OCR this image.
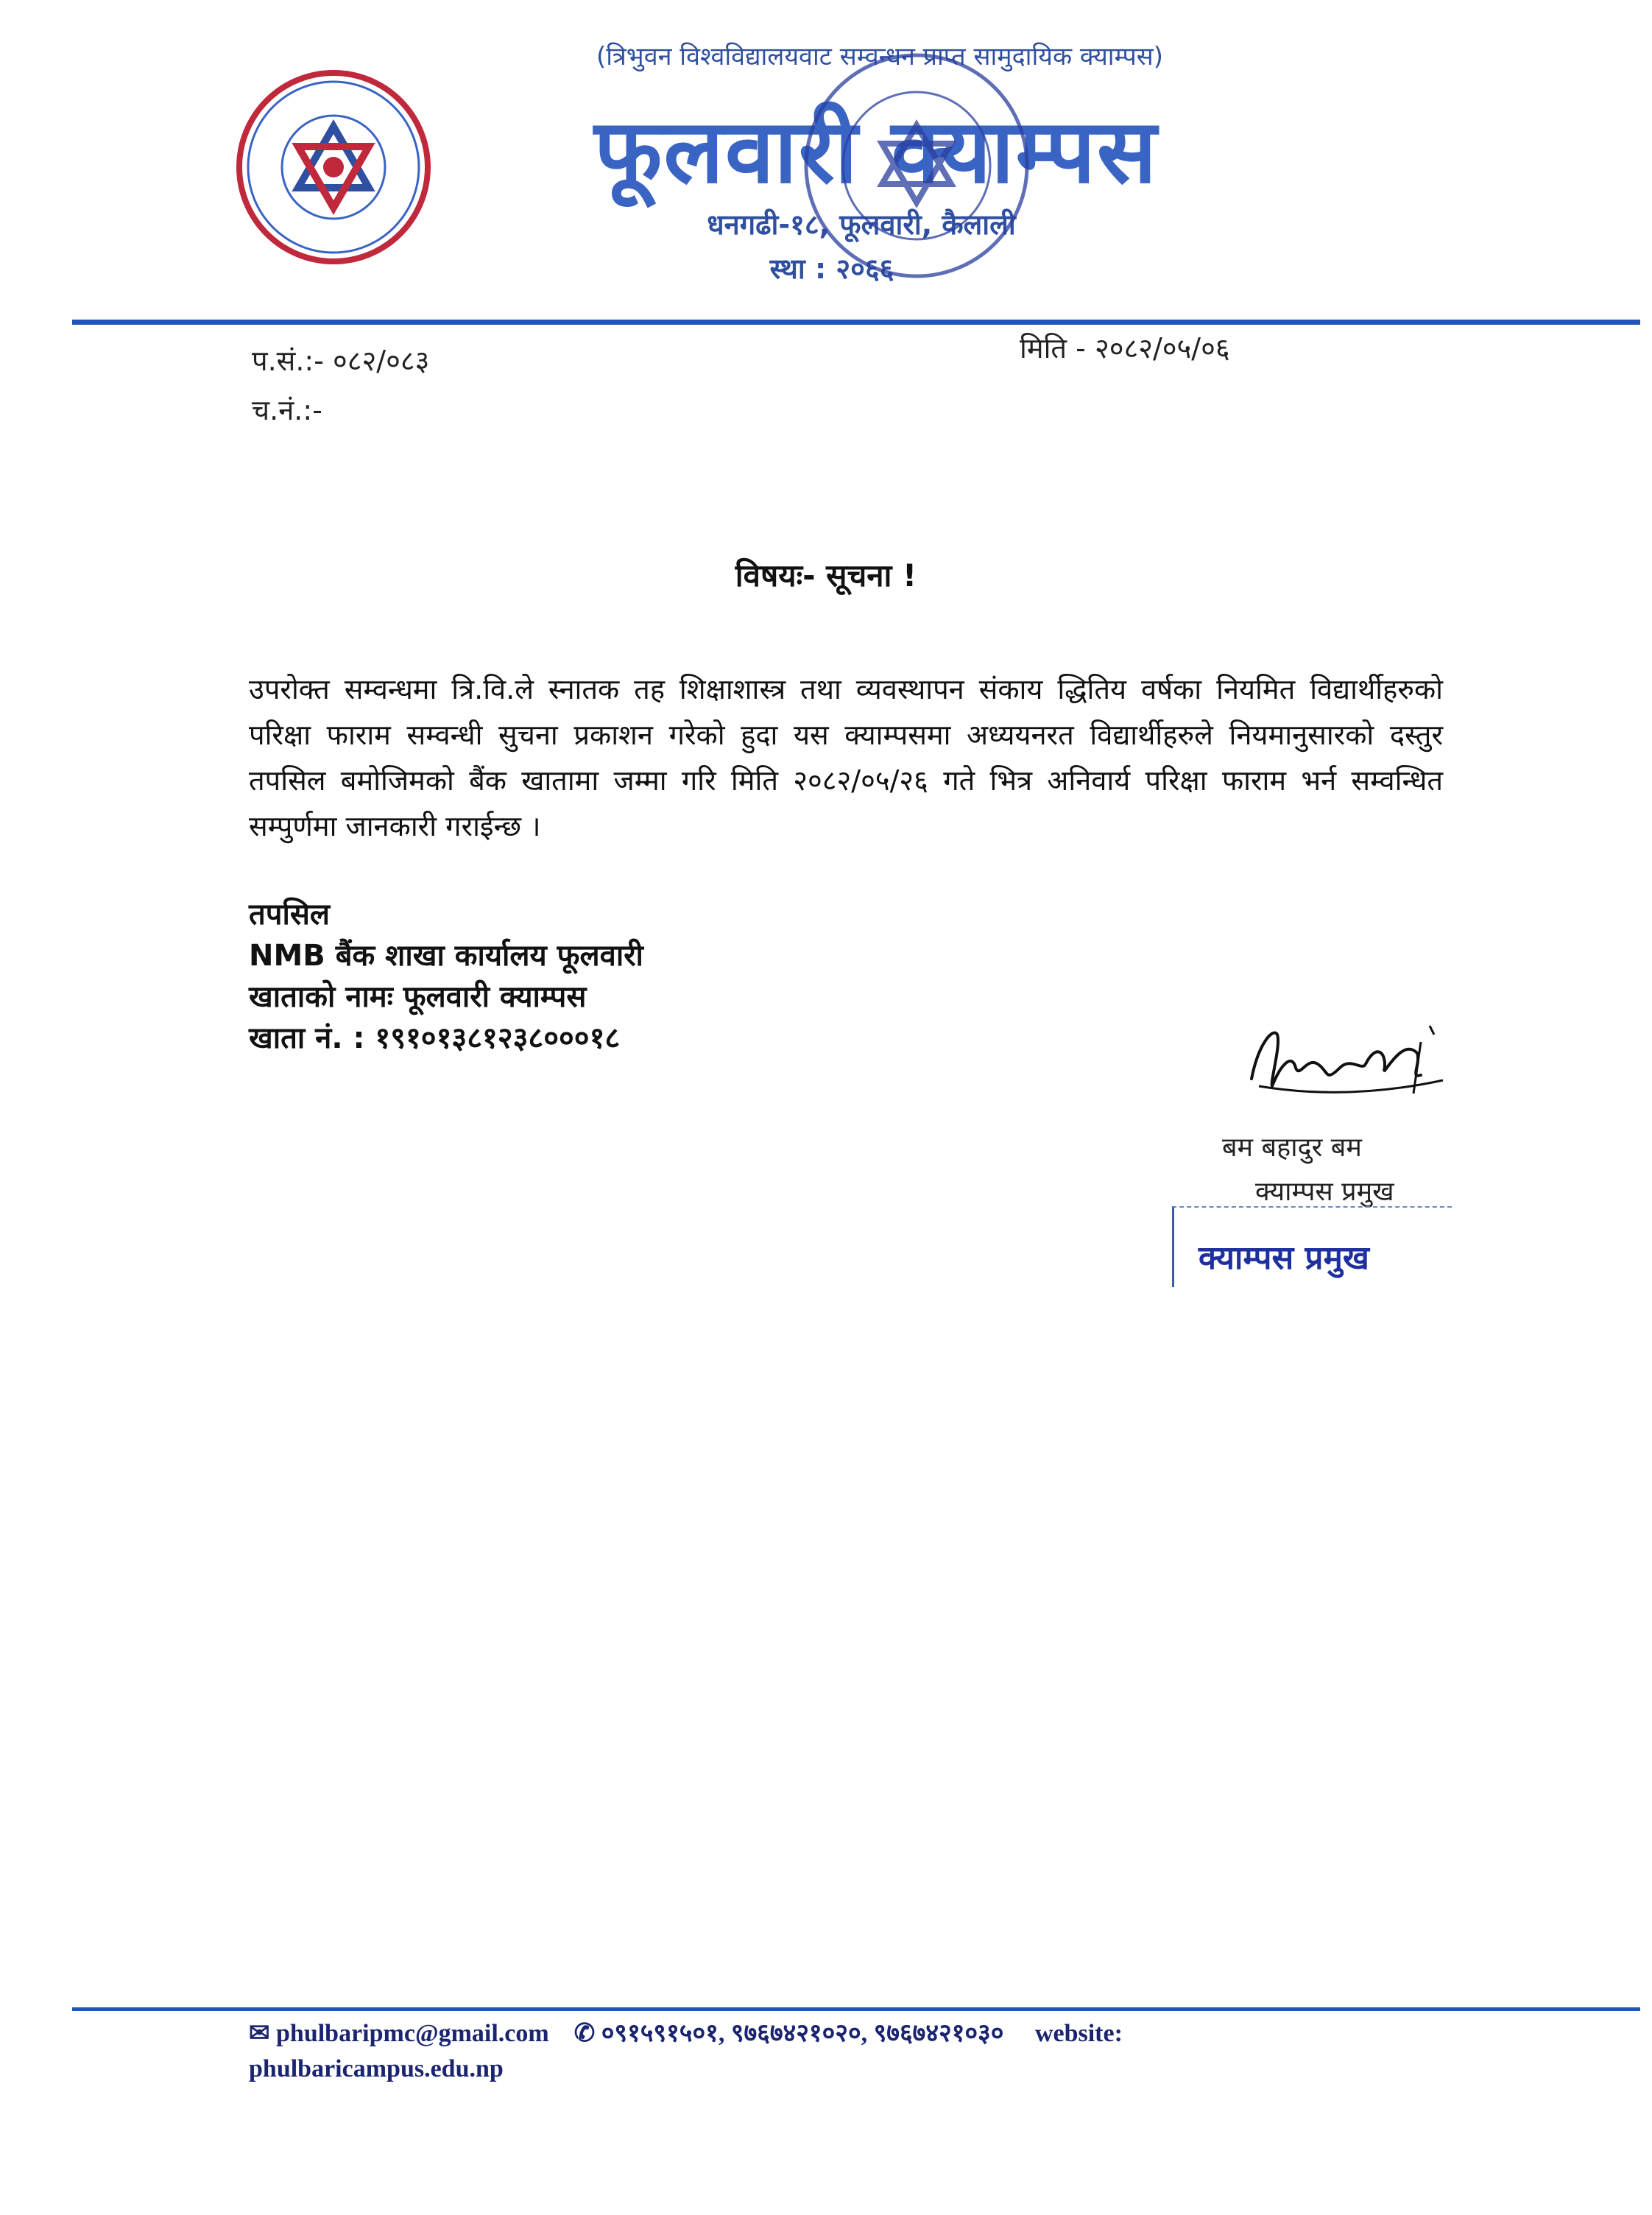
(त्रिभुवन विश्वविद्यालयवाट सम्वन्धन प्राप्त सामुदायिक क्याम्पस)
फूलवारी क्याम्पस
धनगढी-१८, फूलवारी, कैलाली
स्था : २०६६
प.सं.:- ०८२/०८३
च.नं.:-
मिति - २०८२/०५/०६
विषयः- सूचना !
उपरोक्त सम्वन्धमा त्रि.वि.ले स्नातक तह शिक्षाशास्त्र तथा व्यवस्थापन संकाय द्धितिय वर्षका नियमित विद्यार्थीहरुको परिक्षा फाराम सम्वन्धी सुचना प्रकाशन गरेको हुदा यस क्याम्पसमा अध्ययनरत विद्यार्थीहरुले नियमानुसारको दस्तुर तपसिल बमोजिमको बैंक खातामा जम्मा गरि मिति २०८२/०५/२६ गते भित्र अनिवार्य परिक्षा फाराम भर्न सम्वन्धित सम्पुर्णमा जानकारी गराईन्छ ।
तपसिल
NMB बैंक शाखा कार्यालय फूलवारी
खाताको नामः फूलवारी क्याम्पस
खाता नं. : १९१०१३८१२३८०००१८
बम बहादुर बम
क्याम्पस प्रमुख
क्याम्पस प्रमुख
✉ phulbaripmc@gmail.com ✆ ०९१५९१५०१, ९७६७४२१०२०, ९७६७४२१०३० website:
phulbaricampus.edu.np
